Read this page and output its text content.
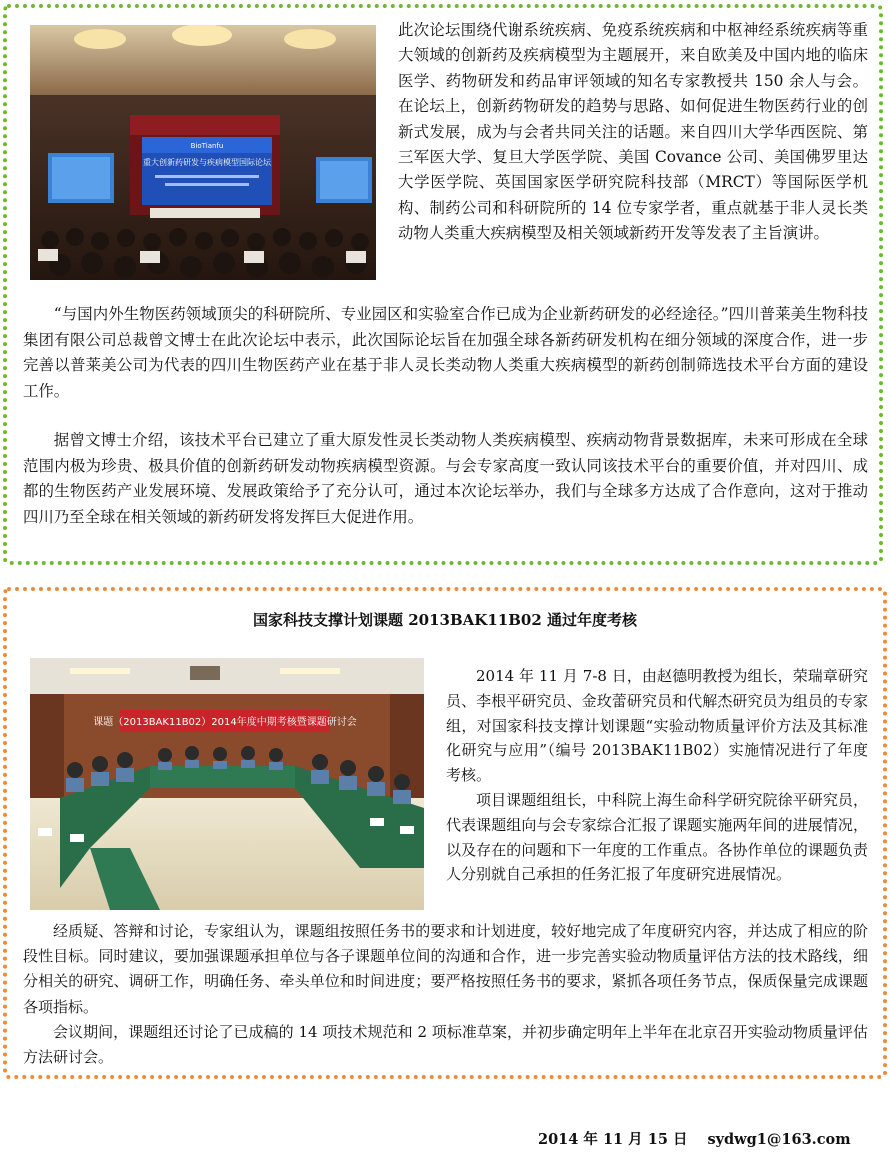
BioTianfu
重大创新药研发与疾病模型国际论坛

此次论坛围绕代谢系统疾病、免疫系统疾病和中枢神经系统疾病等重大领域的创新药及疾病模型为主题展开，来自欧美及中国内地的临床医学、药物研发和药品审评领域的知名专家教授共 150 余人与会。在论坛上，创新药物研发的趋势与思路、如何促进生物医药行业的创新式发展，成为与会者共同关注的话题。来自四川大学华西医院、第三军医大学、复旦大学医学院、美国 Covance 公司、美国佛罗里达大学医学院、英国国家医学研究院科技部（MRCT）等国际医学机构、制药公司和科研院所的 14 位专家学者，重点就基于非人灵长类动物人类重大疾病模型及相关领域新药开发等发表了主旨演讲。

“与国内外生物医药领域顶尖的科研院所、专业园区和实验室合作已成为企业新药研发的必经途径。”四川普莱美生物科技集团有限公司总裁曾文博士在此次论坛中表示，此次国际论坛旨在加强全球各新药研发机构在细分领域的深度合作，进一步完善以普莱美公司为代表的四川生物医药产业在基于非人灵长类动物人类重大疾病模型的新药创制筛选技术平台方面的建设工作。

据曾文博士介绍，该技术平台已建立了重大原发性灵长类动物人类疾病模型、疾病动物背景数据库，未来可形成在全球范围内极为珍贵、极具价值的创新药研发动物疾病模型资源。与会专家高度一致认同该技术平台的重要价值，并对四川、成都的生物医药产业发展环境、发展政策给予了充分认可，通过本次论坛举办，我们与全球多方达成了合作意向，这对于推动四川乃至全球在相关领域的新药研发将发挥巨大促进作用。

国家科技支撑计划课题 2013BAK11B02 通过年度考核
课题（2013BAK11B02）2014年度中期考核暨课题研讨会

2014 年 11 月 7-8 日，由赵德明教授为组长，荣瑞章研究员、李根平研究员、金玫蕾研究员和代解杰研究员为组员的专家组，对国家科技支撑计划课题“实验动物质量评价方法及其标准化研究与应用”（编号 2013BAK11B02）实施情况进行了年度考核。

项目课题组组长，中科院上海生命科学研究院徐平研究员，代表课题组向与会专家综合汇报了课题实施两年间的进展情况，以及存在的问题和下一年度的工作重点。各协作单位的课题负责人分别就自己承担的任务汇报了年度研究进展情况。

经质疑、答辩和讨论，专家组认为，课题组按照任务书的要求和计划进度，较好地完成了年度研究内容，并达成了相应的阶段性目标。同时建议，要加强课题承担单位与各子课题单位间的沟通和合作，进一步完善实验动物质量评估方法的技术路线，细分相关的研究、调研工作，明确任务、牵头单位和时间进度；要严格按照任务书的要求，紧抓各项任务节点，保质保量完成课题各项指标。

会议期间，课题组还讨论了已成稿的 14 项技术规范和 2 项标准草案，并初步确定明年上半年在北京召开实验动物质量评估方法研讨会。

2014 年 11 月 15 日 sydwg1@163.com
